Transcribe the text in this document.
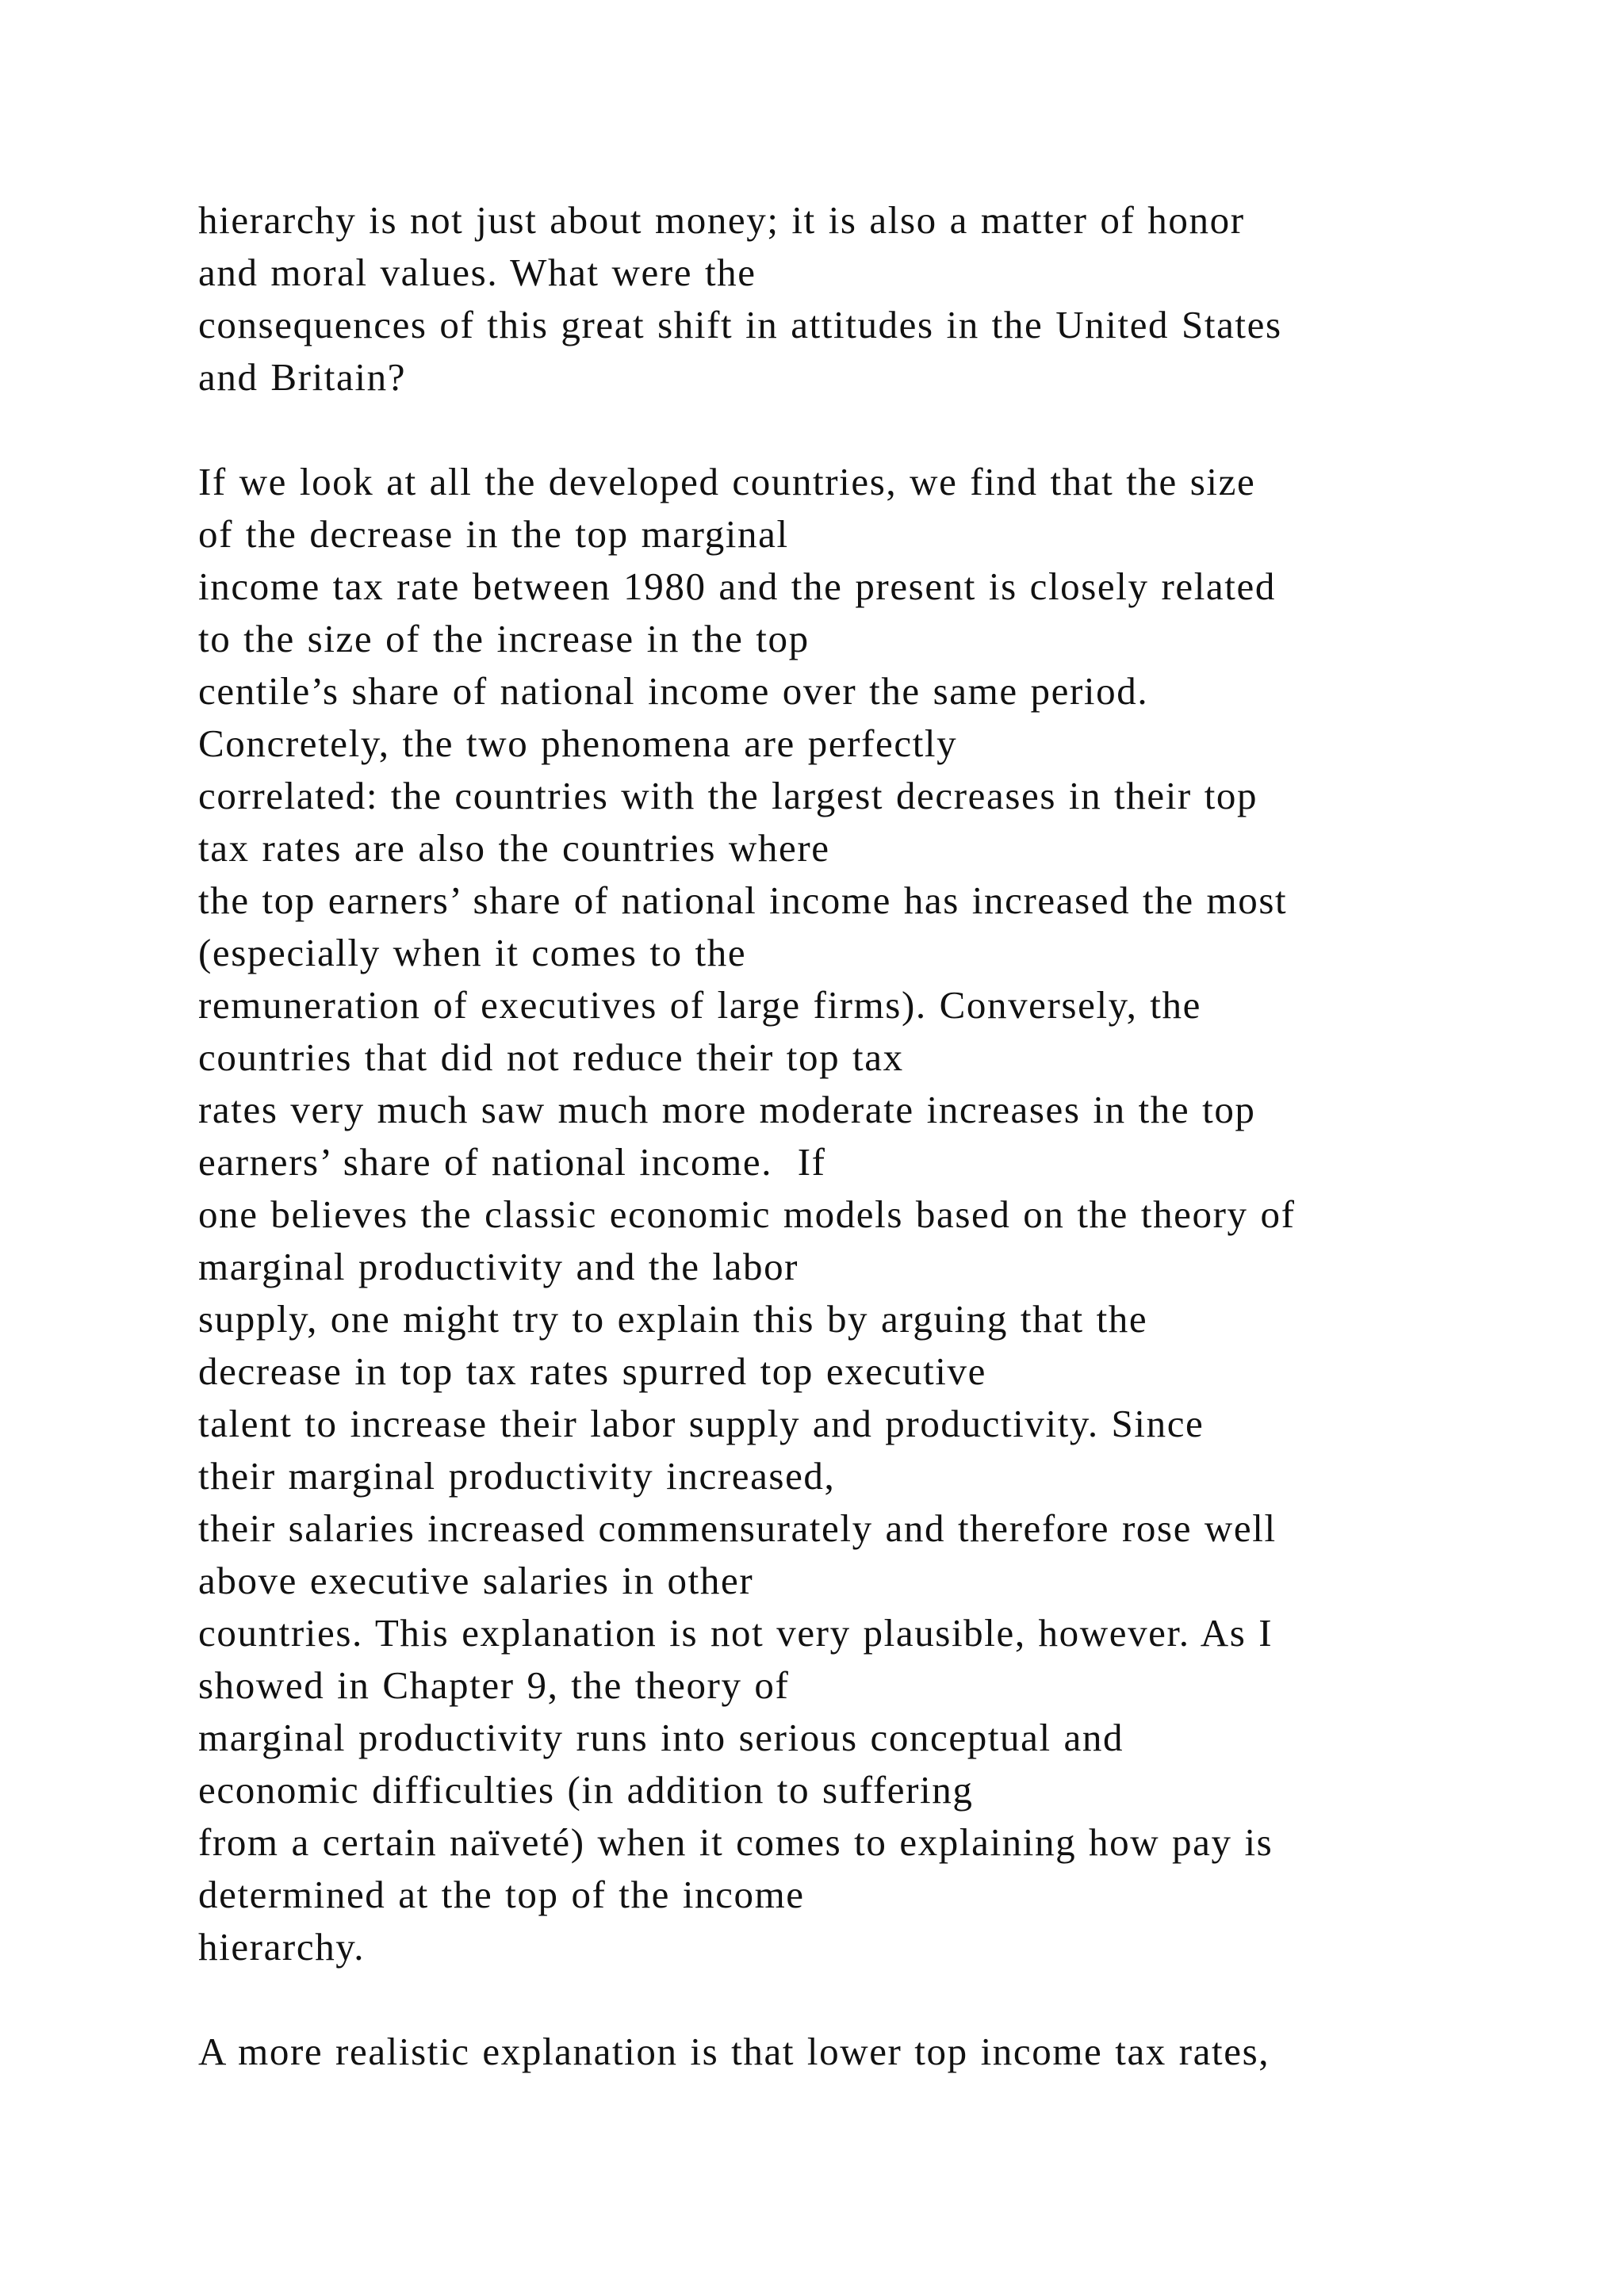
hierarchy is not just about money; it is also a matter of honor
and moral values. What were the
consequences of this great shift in attitudes in the United States
and Britain?
If we look at all the developed countries, we find that the size
of the decrease in the top marginal
income tax rate between 1980 and the present is closely related
to the size of the increase in the top
centile’s share of national income over the same period.
Concretely, the two phenomena are perfectly
correlated: the countries with the largest decreases in their top
tax rates are also the countries where
the top earners’ share of national income has increased the most
(especially when it comes to the
remuneration of executives of large firms). Conversely, the
countries that did not reduce their top tax
rates very much saw much more moderate increases in the top
earners’ share of national income.  If
one believes the classic economic models based on the theory of
marginal productivity and the labor
supply, one might try to explain this by arguing that the
decrease in top tax rates spurred top executive
talent to increase their labor supply and productivity. Since
their marginal productivity increased,
their salaries increased commensurately and therefore rose well
above executive salaries in other
countries. This explanation is not very plausible, however. As I
showed in Chapter 9, the theory of
marginal productivity runs into serious conceptual and
economic difficulties (in addition to suffering
from a certain naïveté) when it comes to explaining how pay is
determined at the top of the income
hierarchy.
A more realistic explanation is that lower top income tax rates,
